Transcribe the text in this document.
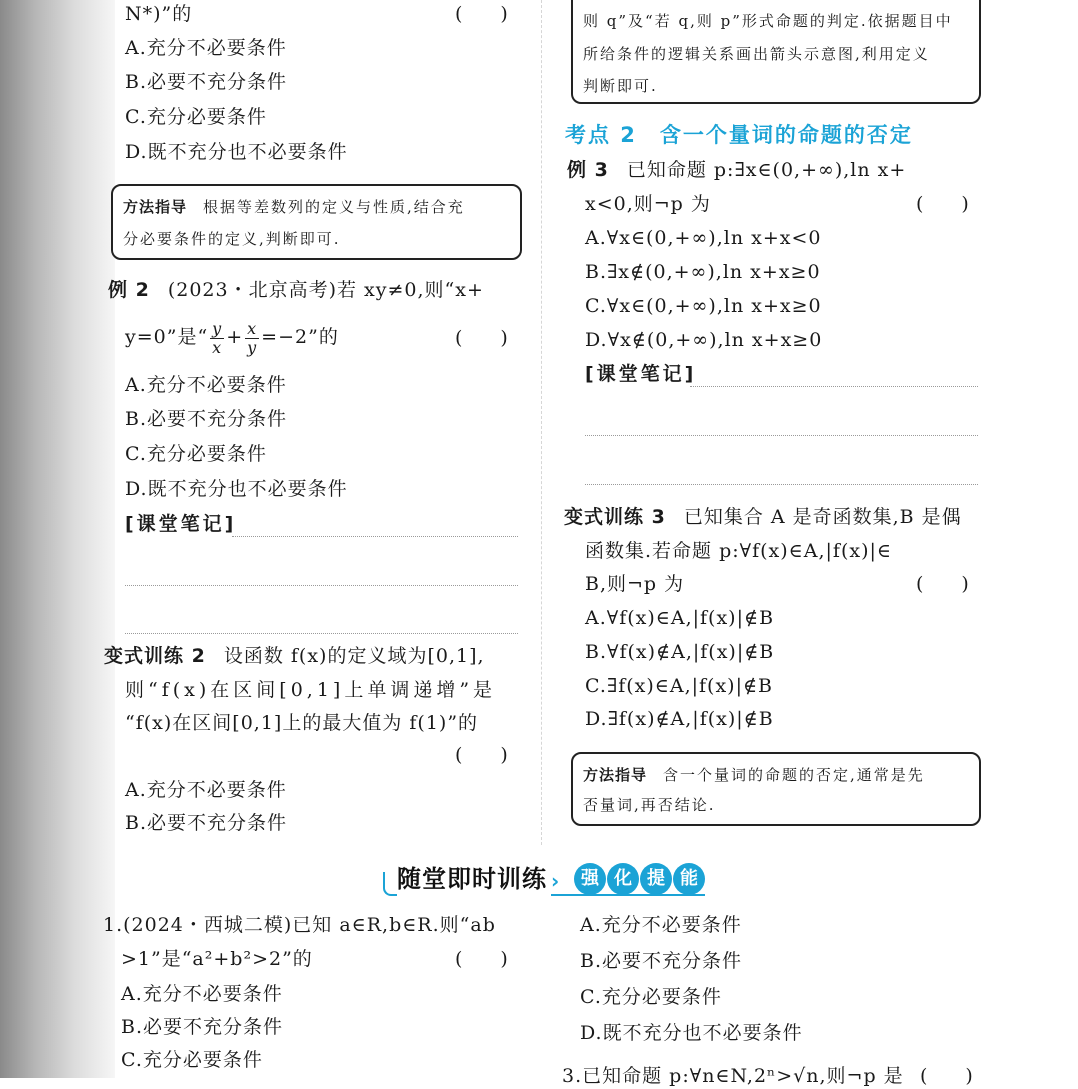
N*)”的	(　　)
A.充分不必要条件
B.必要不充分条件
C.充分必要条件
D.既不充分也不必要条件
方法指导 根据等差数列的定义与性质,结合充
分必要条件的定义,判断即可.
例 2 (2023・北京高考)若 xy≠0,则“x+
y=0”是“ $\frac{y}{x} + \frac{x}{y} =-2$”的	(　　)
A.充分不必要条件
B.必要不充分条件
C.充分必要条件
D.既不充分也不必要条件
[课堂笔记]
变式训练 2 设函数 f(x)的定义域为[0,1],
则“f(x)在区间[0,1]上单调递增”是
“f(x)在区间[0,1]上的最大值为 f(1)”的
(　　)
A.充分不必要条件
B.必要不充分条件
则 q”及“若 q,则 p”形式命题的判定.依据题目中
所给条件的逻辑关系画出箭头示意图,利用定义
判断即可.
考点 2　含一个量词的命题的否定
例 3 已知命题 p:∃x∈(0,+∞),ln x+
x<0,则¬p 为	(　　)
A.∀x∈(0,+∞),ln x+x<0
B.∃x∉(0,+∞),ln x+x≥0
C.∀x∈(0,+∞),ln x+x≥0
D.∀x∉(0,+∞),ln x+x≥0
[课堂笔记]
变式训练 3 已知集合 A 是奇函数集,B 是偶
函数集.若命题 p:∀f(x)∈A,|f(x)|∈
B,则¬p 为	(　　)
A.∀f(x)∈A,|f(x)|∉B
B.∀f(x)∉A,|f(x)|∉B
C.∃f(x)∈A,|f(x)|∉B
D.∃f(x)∉A,|f(x)|∉B
方法指导 含一个量词的命题的否定,通常是先
否量词,再否结论.
随堂即时训练 ›	强 化 提 能
1.(2024・西城二模)已知 a∈R,b∈R.则“ab
>1”是“a²+b²>2”的	(　　)
A.充分不必要条件
B.必要不充分条件
C.充分必要条件
A.充分不必要条件
B.必要不充分条件
C.充分必要条件
D.既不充分也不必要条件
3.已知命题 p:∀n∈N,2ⁿ>√n,则¬p 是 (　　)
